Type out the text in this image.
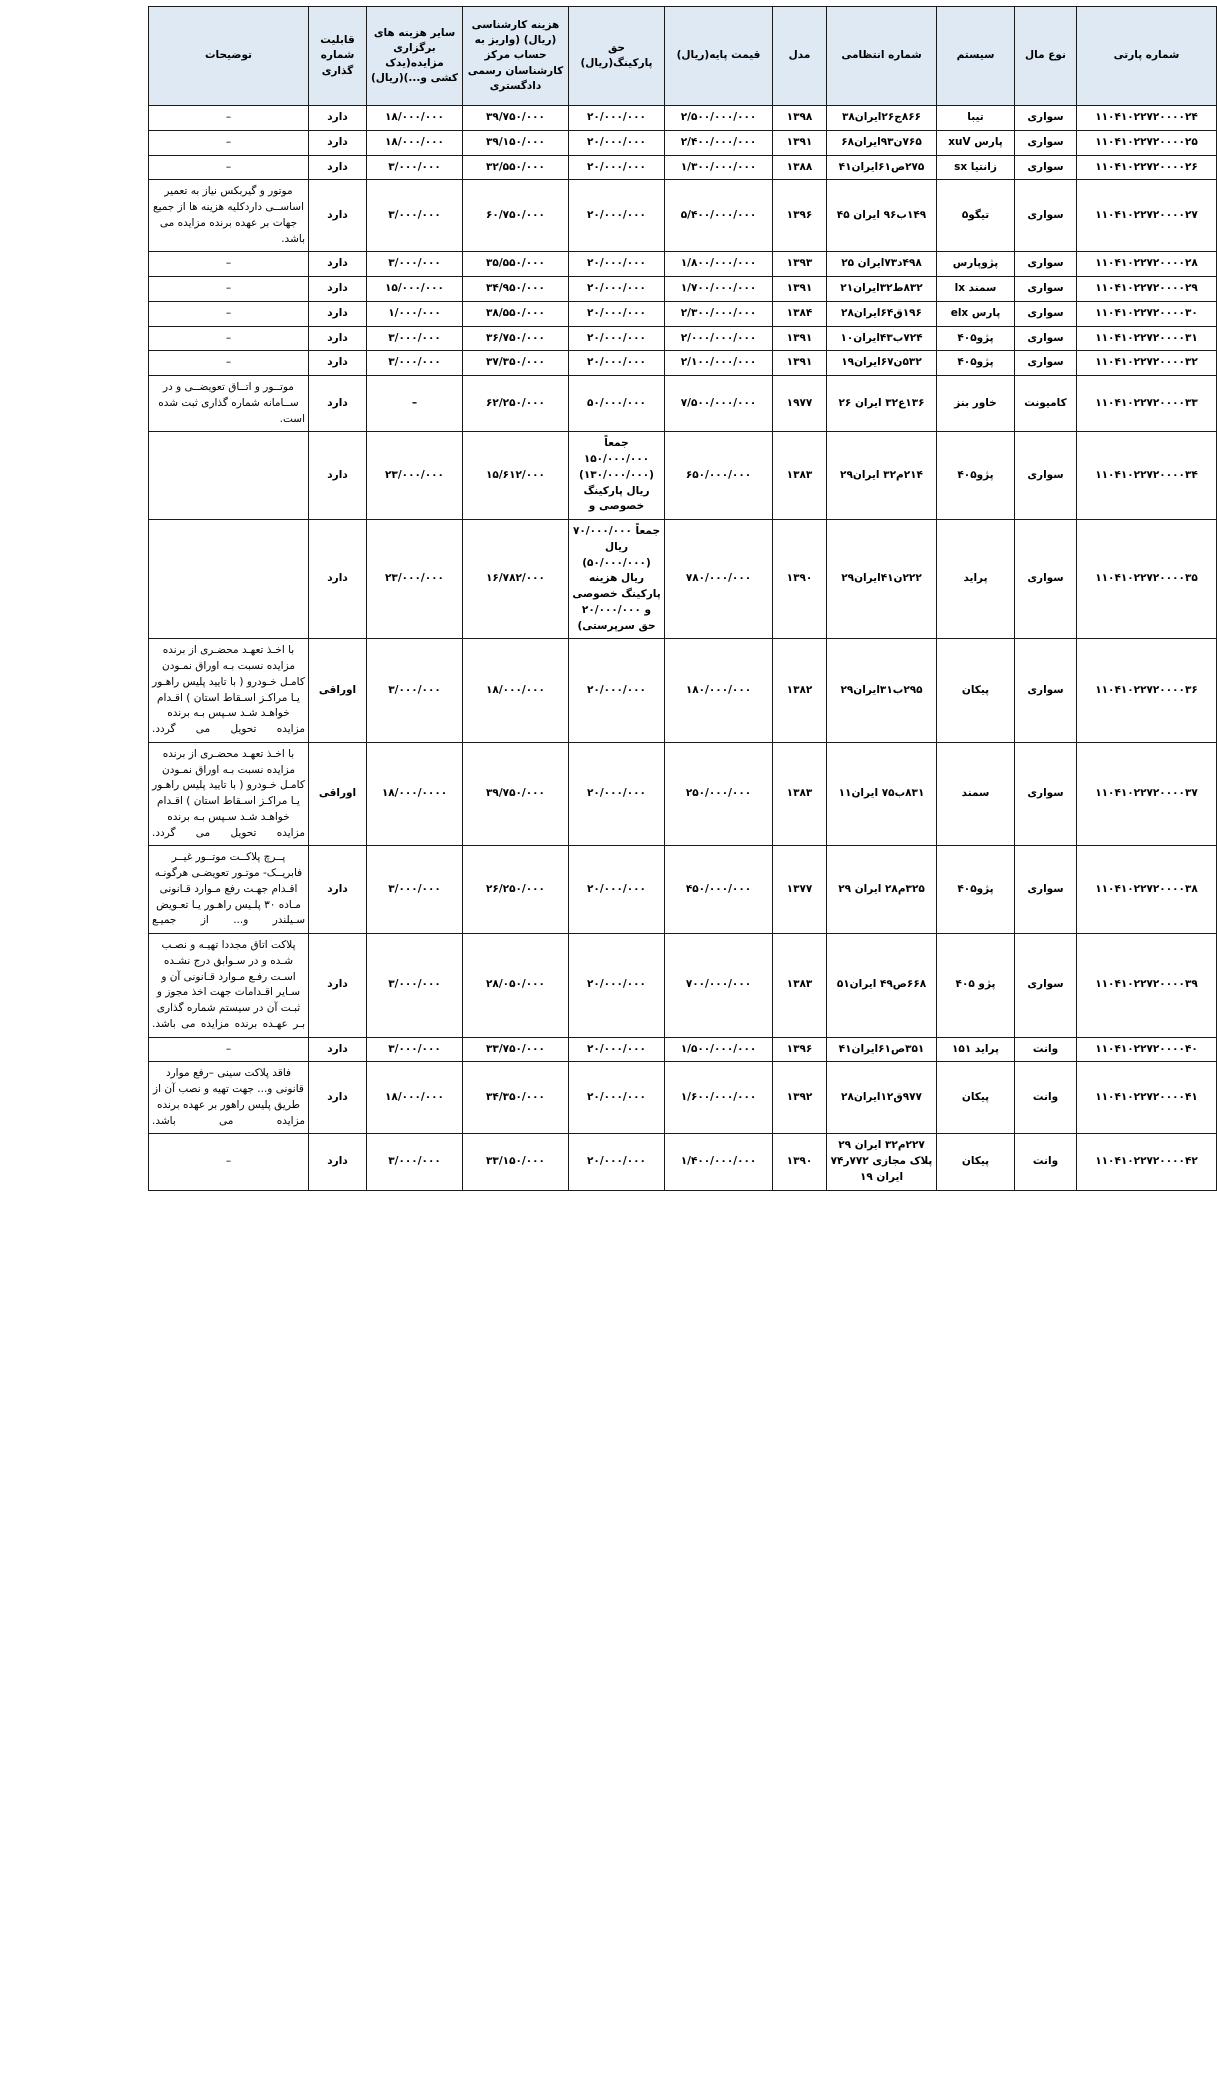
شماره پارتی	نوع مال	سیستم	شماره انتظامی	مدل	قیمت پایه(ریال)	حق پارکینگ(ریال)	هزینه کارشناسی (ریال) (واریز به حساب مرکز کارشناسان رسمی دادگستری	سایر هزینه های برگزاری مزایده(یدک کشی و...)(ریال)	قابلیت شماره گذاری	توضیحات
۱۱۰۴۱۰۲۲۷۲۰۰۰۰۲۴	سواری	تیبا	۸۶۶ج۲۶ایران۳۸	۱۳۹۸	۲/۵۰۰/۰۰۰/۰۰۰	۲۰/۰۰۰/۰۰۰	۳۹/۷۵۰/۰۰۰	۱۸/۰۰۰/۰۰۰	دارد	–
۱۱۰۴۱۰۲۲۷۲۰۰۰۰۲۵	سواری	پارس xuV	۷۶۵ن۹۳ایران۶۸	۱۳۹۱	۲/۴۰۰/۰۰۰/۰۰۰	۲۰/۰۰۰/۰۰۰	۳۹/۱۵۰/۰۰۰	۱۸/۰۰۰/۰۰۰	دارد	–
۱۱۰۴۱۰۲۲۷۲۰۰۰۰۲۶	سواری	زانتیا sx	۲۷۵ص۶۱ایران۴۱	۱۳۸۸	۱/۳۰۰/۰۰۰/۰۰۰	۲۰/۰۰۰/۰۰۰	۳۲/۵۵۰/۰۰۰	۳/۰۰۰/۰۰۰	دارد	–
۱۱۰۴۱۰۲۲۷۲۰۰۰۰۲۷	سواری	تیگو۵	۱۴۹ب۹۶ ایران ۴۵	۱۳۹۶	۵/۴۰۰/۰۰۰/۰۰۰	۲۰/۰۰۰/۰۰۰	۶۰/۷۵۰/۰۰۰	۳/۰۰۰/۰۰۰	دارد	موتور و گیربکس نیاز به تعمیر اساســی داردکلیه هزینه ها از جمیع جهات بر عهده برنده مزایده می باشد.
۱۱۰۴۱۰۲۲۷۲۰۰۰۰۲۸	سواری	پژوپارس	۴۹۸د۷۳ایران ۲۵	۱۳۹۳	۱/۸۰۰/۰۰۰/۰۰۰	۲۰/۰۰۰/۰۰۰	۳۵/۵۵۰/۰۰۰	۳/۰۰۰/۰۰۰	دارد	–
۱۱۰۴۱۰۲۲۷۲۰۰۰۰۲۹	سواری	سمند lx	۸۳۲ط۳۲ایران۲۱	۱۳۹۱	۱/۷۰۰/۰۰۰/۰۰۰	۲۰/۰۰۰/۰۰۰	۳۴/۹۵۰/۰۰۰	۱۵/۰۰۰/۰۰۰	دارد	–
۱۱۰۴۱۰۲۲۷۲۰۰۰۰۳۰	سواری	پارس elx	۱۹۶ق۶۴ایران۲۸	۱۳۸۴	۲/۳۰۰/۰۰۰/۰۰۰	۲۰/۰۰۰/۰۰۰	۳۸/۵۵۰/۰۰۰	۱/۰۰۰/۰۰۰	دارد	–
۱۱۰۴۱۰۲۲۷۲۰۰۰۰۳۱	سواری	پژو۴۰۵	۷۲۴ب۴۳ایران۱۰	۱۳۹۱	۲/۰۰۰/۰۰۰/۰۰۰	۲۰/۰۰۰/۰۰۰	۳۶/۷۵۰/۰۰۰	۳/۰۰۰/۰۰۰	دارد	–
۱۱۰۴۱۰۲۲۷۲۰۰۰۰۳۲	سواری	پژو۴۰۵	۵۳۲ن۶۷ایران۱۹	۱۳۹۱	۲/۱۰۰/۰۰۰/۰۰۰	۲۰/۰۰۰/۰۰۰	۳۷/۳۵۰/۰۰۰	۳/۰۰۰/۰۰۰	دارد	–
۱۱۰۴۱۰۲۲۷۲۰۰۰۰۳۳	کامیونت	خاور بنز	۱۳۶ع۳۲ ایران ۲۶	۱۹۷۷	۷/۵۰۰/۰۰۰/۰۰۰	۵۰/۰۰۰/۰۰۰	۶۲/۲۵۰/۰۰۰	–	دارد	موتــور و اتــاق تعویضــی و در ســامانه شماره گذاری ثبت شده است.
۱۱۰۴۱۰۲۲۷۲۰۰۰۰۳۴	سواری	پژو۴۰۵	۲۱۴م۳۲ ایران۲۹	۱۳۸۳	۶۵۰/۰۰۰/۰۰۰	جمعاً ۱۵۰/۰۰۰/۰۰۰ (۱۳۰/۰۰۰/۰۰۰) ریال پارکینگ خصوصی و	۱۵/۶۱۲/۰۰۰	۲۳/۰۰۰/۰۰۰	دارد	
۱۱۰۴۱۰۲۲۷۲۰۰۰۰۳۵	سواری	پراید	۲۲۲ن۴۱ایران۲۹	۱۳۹۰	۷۸۰/۰۰۰/۰۰۰	جمعاً ۷۰/۰۰۰/۰۰۰ ریال (۵۰/۰۰۰/۰۰۰) ریال هزینه پارکینگ خصوصی و ۲۰/۰۰۰/۰۰۰ حق سرپرستی)	۱۶/۷۸۲/۰۰۰	۲۳/۰۰۰/۰۰۰	دارد	
۱۱۰۴۱۰۲۲۷۲۰۰۰۰۳۶	سواری	پیکان	۲۹۵ب۳۱ایران۲۹	۱۳۸۲	۱۸۰/۰۰۰/۰۰۰	۲۰/۰۰۰/۰۰۰	۱۸/۰۰۰/۰۰۰	۳/۰۰۰/۰۰۰	اوراقی	با اخـذ تعهـد محضـری از برنده مزایده نسبت بـه اوراق نمـودن کامـل خـودرو ( با تایید پلیس راهـور یـا مراکـز اسـقاط استان ) اقـدام خواهـد شـد سـپس بـه برنده مزایده تحویل می گردد.
۱۱۰۴۱۰۲۲۷۲۰۰۰۰۳۷	سواری	سمند	۸۳۱ب۷۵ ایران۱۱	۱۳۸۳	۲۵۰/۰۰۰/۰۰۰	۲۰/۰۰۰/۰۰۰	۳۹/۷۵۰/۰۰۰	۱۸/۰۰۰/۰۰۰۰	اوراقی	با اخـذ تعهـد محضـری از برنده مزایده نسبت بـه اوراق نمـودن کامـل خـودرو ( با تایید پلیس راهـور یـا مراکـز اسـقاط استان ) اقـدام خواهـد شـد سـپس بـه برنده مزایده تحویل می گردد.
۱۱۰۴۱۰۲۲۷۲۰۰۰۰۳۸	سواری	پژو۴۰۵	۳۲۵م۲۸ ایران ۲۹	۱۳۷۷	۴۵۰/۰۰۰/۰۰۰	۲۰/۰۰۰/۰۰۰	۲۶/۲۵۰/۰۰۰	۳/۰۰۰/۰۰۰	دارد	پــرچ پلاکــت موتــور غیــر فابریــک- موتـور تعویضـی هرگونـه اقـدام جهـت رفع مـوارد قـانونی مـاده ۳۰ پلـیس راهـور یـا تعـویض سـیلندر و... از جمیـع
۱۱۰۴۱۰۲۲۷۲۰۰۰۰۳۹	سواری	پژو ۴۰۵	۶۶۸ص۴۹ ایران۵۱	۱۳۸۳	۷۰۰/۰۰۰/۰۰۰	۲۰/۰۰۰/۰۰۰	۲۸/۰۵۰/۰۰۰	۳/۰۰۰/۰۰۰	دارد	پلاکت اتاق مجددا تهیـه و نصـب شـده و در سـوابق درج نشـده اسـت رفـع مـوارد قـانونی آن و سـایر اقـدامات جهت اخذ مجوز و ثبـت آن در سیستم شماره گذاری بـر عهـده برنده مزایده می باشد.
۱۱۰۴۱۰۲۲۷۲۰۰۰۰۴۰	وانت	پراید ۱۵۱	۳۵۱ص۶۱ایران۴۱	۱۳۹۶	۱/۵۰۰/۰۰۰/۰۰۰	۲۰/۰۰۰/۰۰۰	۳۳/۷۵۰/۰۰۰	۳/۰۰۰/۰۰۰	دارد	–
۱۱۰۴۱۰۲۲۷۲۰۰۰۰۴۱	وانت	پیکان	۹۷۷ق۱۲ایران۲۸	۱۳۹۲	۱/۶۰۰/۰۰۰/۰۰۰	۲۰/۰۰۰/۰۰۰	۳۴/۳۵۰/۰۰۰	۱۸/۰۰۰/۰۰۰	دارد	فاقد پلاکت سینی –رفع موارد قانونی و... جهت تهیه و نصب آن از طریق پلیس راهور بر عهده برنده مزایده می باشد.
۱۱۰۴۱۰۲۲۷۲۰۰۰۰۴۲	وانت	پیکان	۲۲۷م۳۲ ایران ۲۹ پلاک مجازی ۷۷۲ر۷۴ ایران ۱۹	۱۳۹۰	۱/۴۰۰/۰۰۰/۰۰۰	۲۰/۰۰۰/۰۰۰	۳۳/۱۵۰/۰۰۰	۳/۰۰۰/۰۰۰	دارد	–
